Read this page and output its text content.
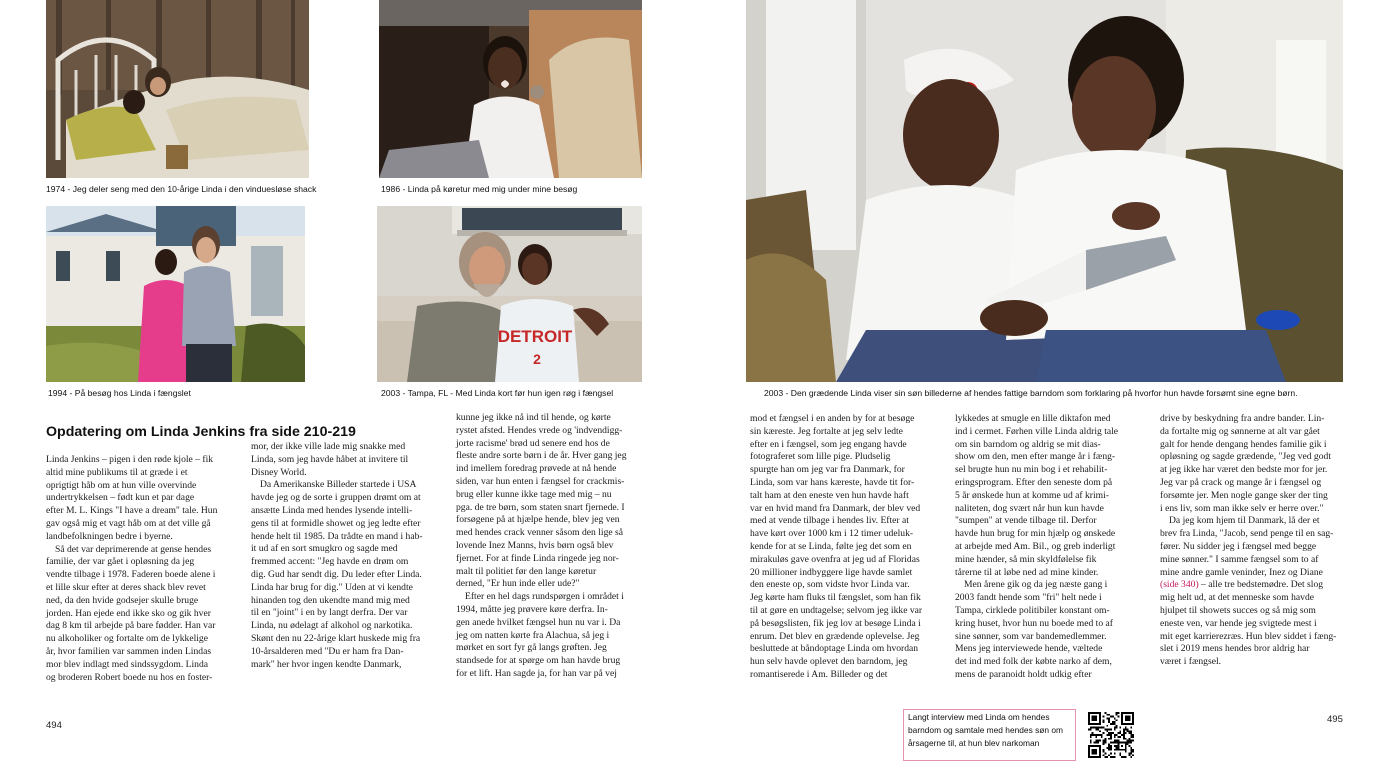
DETROIT
2
1974 - Jeg deler seng med den 10-årige Linda i den vinduesløse shack	1986 - Linda på køretur med mig under mine besøg
1994 - På besøg hos Linda i fængslet	2003 - Tampa, FL - Med Linda kort før hun igen røg i fængsel	2003 - Den grædende Linda viser sin søn billederne af hendes fattige barndom som forklaring på hvorfor hun havde forsømt sine egne børn.
Opdatering om Linda Jenkins fra side 210-219

Linda Jenkins – pigen i den røde kjole – fik

altid mine publikums til at græde i et

oprigtigt håb om at hun ville overvinde

undertrykkelsen – født kun et par dage

efter M. L. Kings "I have a dream" tale. Hun

gav også mig et vagt håb om at det ville gå

landbefolkningen bedre i byerne.

Så det var deprimerende at gense hendes

familie, der var gået i opløsning da jeg

vendte tilbage i 1978. Faderen boede alene i

et lille skur efter at deres shack blev revet

ned, da den hvide godsejer skulle bruge

jorden. Han ejede end ikke sko og gik hver

dag 8 km til arbejde på bare fødder. Han var

nu alkoholiker og fortalte om de lykkelige

år, hvor familien var sammen inden Lindas

mor blev indlagt med sindssygdom. Linda

og broderen Robert boede nu hos en foster-

mor, der ikke ville lade mig snakke med

Linda, som jeg havde håbet at invitere til

Disney World.

Da Amerikanske Billeder startede i USA

havde jeg og de sorte i gruppen drømt om at

ansætte Linda med hendes lysende intelli-

gens til at formidle showet og jeg ledte efter

hende helt til 1985. Da trådte en mand i hab-

it ud af en sort smugkro og sagde med

fremmed accent: "Jeg havde en drøm om

dig. Gud har sendt dig. Du leder efter Linda.

Linda har brug for dig." Uden at vi kendte

hinanden tog den ukendte mand mig med

til en "joint" i en by langt derfra. Der var

Linda, nu ødelagt af alkohol og narkotika.

Skønt den nu 22-årige klart huskede mig fra

10-årsalderen med "Du er ham fra Dan-

mark" her hvor ingen kendte Danmark,

kunne jeg ikke nå ind til hende, og kørte

rystet afsted. Hendes vrede og 'indvendigg-

jorte racisme' brød ud senere end hos de

fleste andre sorte børn i de år. Hver gang jeg

ind imellem foredrag prøvede at nå hende

siden, var hun enten i fængsel for crackmis-

brug eller kunne ikke tage med mig – nu

pga. de tre børn, som staten snart fjernede. I

forsøgene på at hjælpe hende, blev jeg ven

med hendes crack venner såsom den lige så

lovende Inez Manns, hvis børn også blev

fjernet. For at finde Linda ringede jeg nor-

malt til politiet før den lange køretur

derned, "Er hun inde eller ude?"

Efter en hel dags rundspørgen i området i

1994, måtte jeg prøvere køre derfra. In-

gen anede hvilket fængsel hun nu var i. Da

jeg om natten kørte fra Alachua, så jeg i

mørket en sort fyr gå langs grøften. Jeg

standsede for at spørge om han havde brug

for et lift. Han sagde ja, for han var på vej

mod et fængsel i en anden by for at besøge

sin kæreste. Jeg fortalte at jeg selv ledte

efter en i fængsel, som jeg engang havde

fotograferet som lille pige. Pludselig

spurgte han om jeg var fra Danmark, for

Linda, som var hans kæreste, havde tit for-

talt ham at den eneste ven hun havde haft

var en hvid mand fra Danmark, der blev ved

med at vende tilbage i hendes liv. Efter at

have kørt over 1000 km i 12 timer udeluk-

kende for at se Linda, følte jeg det som en

mirakuløs gave ovenfra at jeg ud af Floridas

20 millioner indbyggere lige havde samlet

den eneste op, som vidste hvor Linda var.

Jeg kørte ham fluks til fængslet, som han fik

til at gøre en undtagelse; selvom jeg ikke var

på besøgslisten, fik jeg lov at besøge Linda i

enrum. Det blev en grædende oplevelse. Jeg

besluttede at båndoptage Linda om hvordan

hun selv havde oplevet den barndom, jeg

romantiserede i Am. Billeder og det

lykkedes at smugle en lille diktafon med

ind i cermet. Førhen ville Linda aldrig tale

om sin barndom og aldrig se mit dias-

show om den, men efter mange år i fæng-

sel brugte hun nu min bog i et rehabilit-

eringsprogram. Efter den seneste dom på

5 år ønskede hun at komme ud af krimi-

naliteten, dog svært når hun kun havde

"sumpen" at vende tilbage til. Derfor

havde hun brug for min hjælp og ønskede

at arbejde med Am. Bil., og greb inderligt

mine hænder, så min skyldfølelse fik

tårerne til at løbe ned ad mine kinder.

Men årene gik og da jeg næste gang i

2003 fandt hende som "fri" helt nede i

Tampa, cirklede politibiler konstant om-

kring huset, hvor hun nu boede med to af

sine sønner, som var bandemedlemmer.

Mens jeg interviewede hende, væltede

det ind med folk der købte narko af dem,

mens de paranoidt holdt udkig efter

drive by beskydning fra andre bander. Lin-

da fortalte mig og sønnerne at alt var gået

galt for hende dengang hendes familie gik i

opløsning og sagde grædende, "Jeg ved godt

at jeg ikke har været den bedste mor for jer.

Jeg var på crack og mange år i fængsel og

forsømte jer. Men nogle gange sker der ting

i ens liv, som man ikke selv er herre over."

Da jeg kom hjem til Danmark, lå der et

brev fra Linda, "Jacob, send penge til en sag-

fører. Nu sidder jeg i fængsel med begge

mine sønner." I samme fængsel som to af

mine andre gamle veninder, Inez og Diane

(side 340) – alle tre bedstemødre. Det slog

mig helt ud, at det menneske som havde

hjulpet til showets succes og så mig som

eneste ven, var hende jeg svigtede mest i

mit eget karrierezræs. Hun blev siddet i fæng-

slet i 2019 mens hendes bror aldrig har

været i fængsel.

494
495

Langt interview med Linda om hendes

barndom og samtale med hendes søn om

årsagerne til, at hun blev narkoman
